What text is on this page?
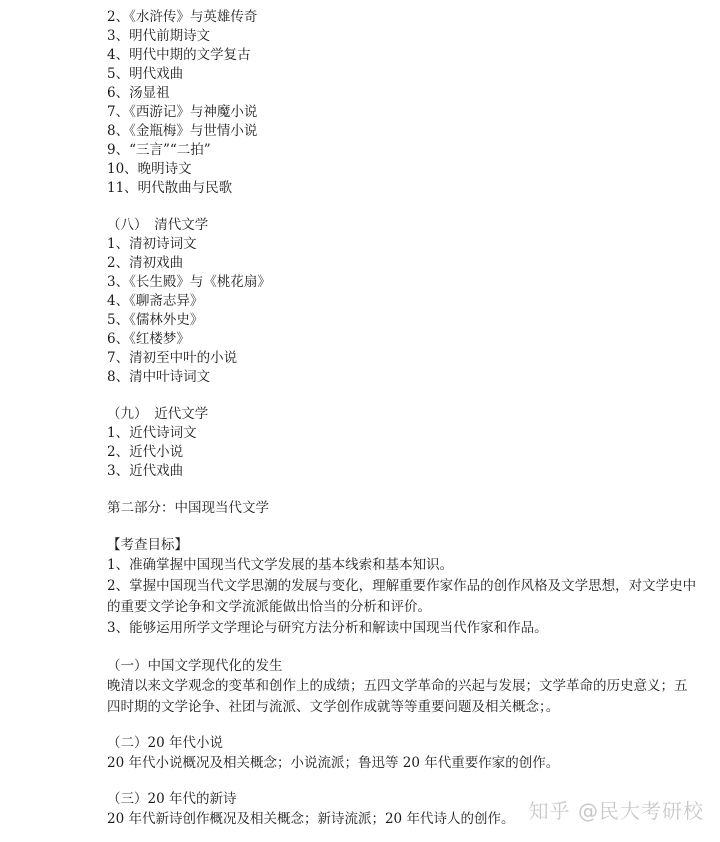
2、《水浒传》与英雄传奇
3、明代前期诗文
4、明代中期的文学复古
5、明代戏曲
6、汤显祖
7、《西游记》与神魔小说
8、《金瓶梅》与世情小说
9、“三言”“二拍”
10、晚明诗文
11、明代散曲与民歌
（八）　清代文学
1、清初诗词文
2、清初戏曲
3、《长生殿》与《桃花扇》
4、《聊斋志异》
5、《儒林外史》
6、《红楼梦》
7、清初至中叶的小说
8、清中叶诗词文
（九）　近代文学
1、近代诗词文
2、近代小说
3、近代戏曲
第二部分：中国现当代文学
【考查目标】
1、准确掌握中国现当代文学发展的基本线索和基本知识。
2、掌握中国现当代文学思潮的发展与变化，理解重要作家作品的创作风格及文学思想，对文学史中的重要文学论争和文学流派能做出恰当的分析和评价。
3、能够运用所学文学理论与研究方法分析和解读中国现当代作家和作品。
（一）中国文学现代化的发生
晚清以来文学观念的变革和创作上的成绩；五四文学革命的兴起与发展；文学革命的历史意义；五四时期的文学论争、社团与流派、文学创作成就等等重要问题及相关概念；。
（二）20 年代小说
20 年代小说概况及相关概念；小说流派；鲁迅等 20 年代重要作家的创作。
（三）20 年代的新诗
20 年代新诗创作概况及相关概念；新诗流派；20 年代诗人的创作。 知乎 @民大考研校
